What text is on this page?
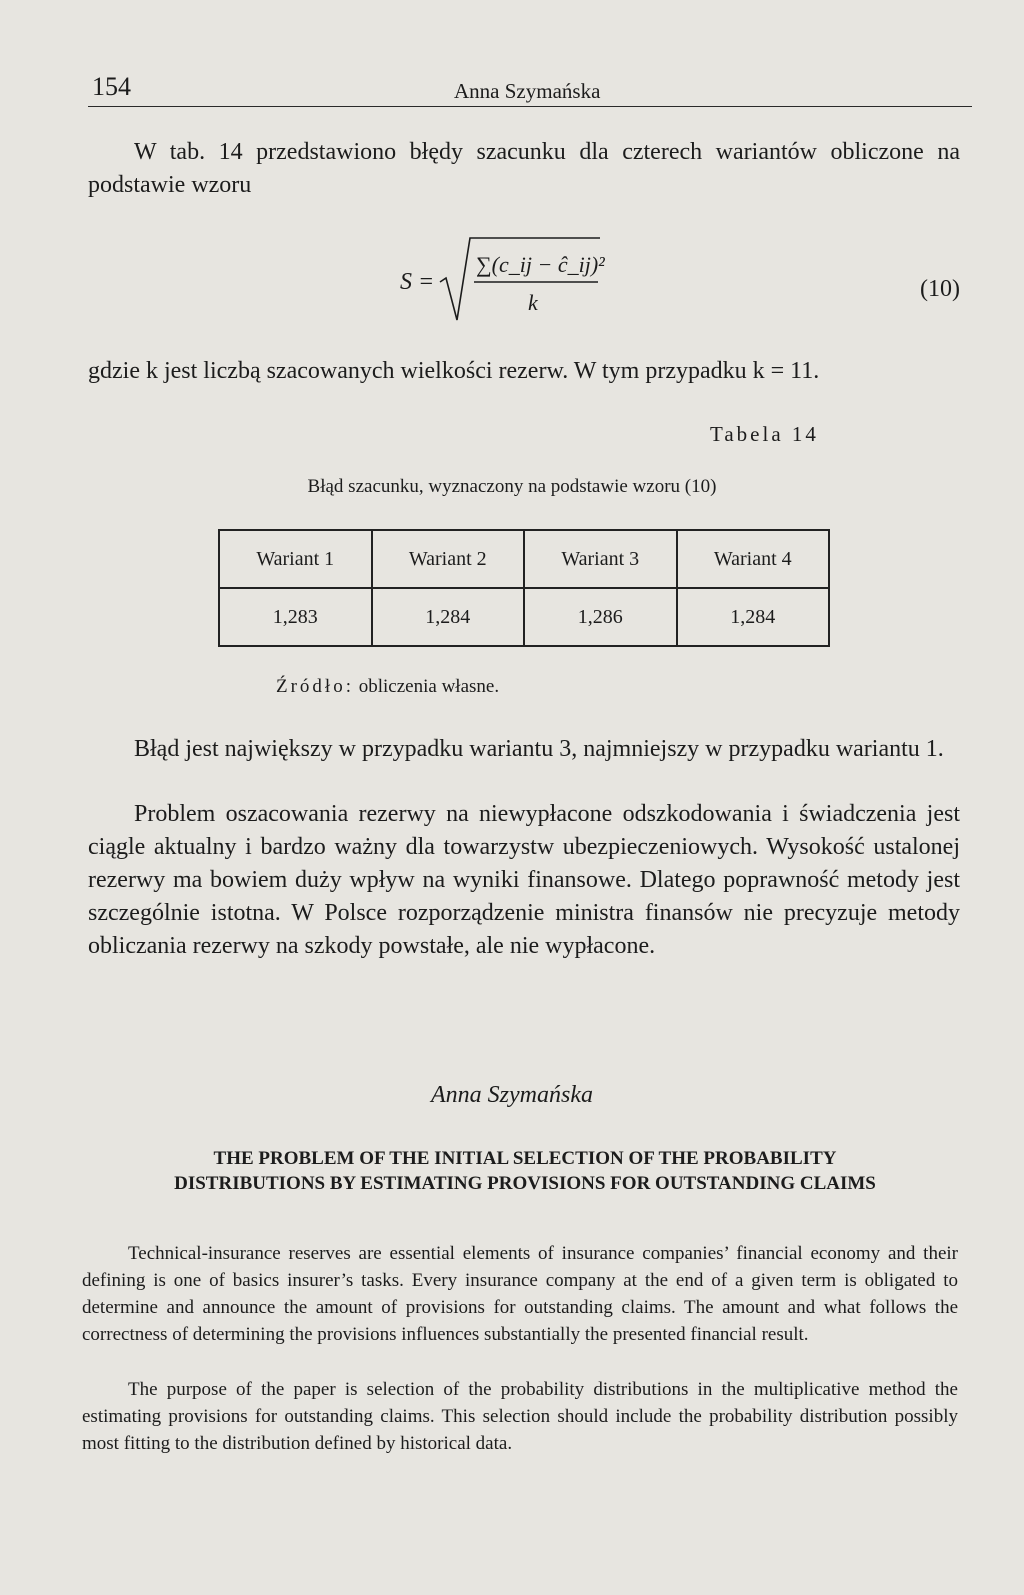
154	Anna Szymańska
W tab. 14 przedstawiono błędy szacunku dla czterech wariantów obliczone na podstawie wzoru
S =
∑(c_ij − ĉ_ij)²
k
(10)
gdzie k jest liczbą szacowanych wielkości rezerw. W tym przypadku k = 11.
Tabela 14
Błąd szacunku, wyznaczony na podstawie wzoru (10)
Wariant 1	Wariant 2	Wariant 3	Wariant 4
1,283	1,284	1,286	1,284
Źródło: obliczenia własne.
Błąd jest największy w przypadku wariantu 3, najmniejszy w przypadku wariantu 1.
Problem oszacowania rezerwy na niewypłacone odszkodowania i świadczenia jest ciągle aktualny i bardzo ważny dla towarzystw ubezpieczeniowych. Wysokość ustalonej rezerwy ma bowiem duży wpływ na wyniki finansowe. Dlatego poprawność metody jest szczególnie istotna. W Polsce rozporządzenie ministra finansów nie precyzuje metody obliczania rezerwy na szkody powstałe, ale nie wypłacone.
Anna Szymańska
THE PROBLEM OF THE INITIAL SELECTION OF THE PROBABILITY
DISTRIBUTIONS BY ESTIMATING PROVISIONS FOR OUTSTANDING CLAIMS
Technical-insurance reserves are essential elements of insurance companies’ financial economy and their defining is one of basics insurer’s tasks. Every insurance company at the end of a given term is obligated to determine and announce the amount of provisions for outstanding claims. The amount and what follows the correctness of determining the provisions influences substantially the presented financial result.
The purpose of the paper is selection of the probability distributions in the multiplicative method the estimating provisions for outstanding claims. This selection should include the probability distribution possibly most fitting to the distribution defined by historical data.
